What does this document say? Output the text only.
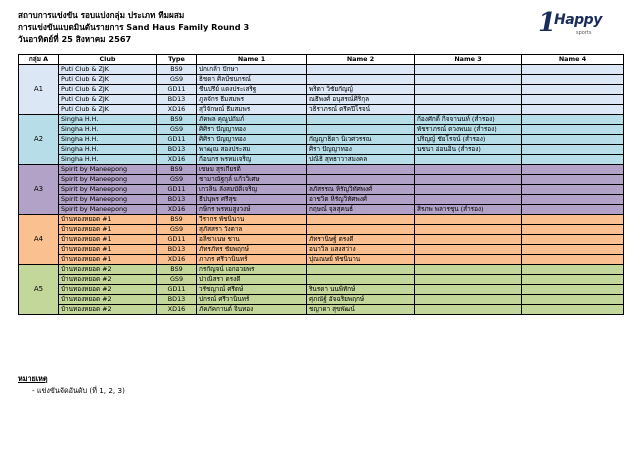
สถาบการแข่งขัน รอบแบ่งกลุ่ม ประเภท ทีมผสม
การแข่งขันแบดมินตันรายการ Sand Haus Family Round 3
วันอาทิตย์ที่ 25 สิงหาคม 2567
1
Happy
sports
กลุ่ม A	Club	Type	Name 1	Name 2	Name 3	Name 4
A1	Puti Club & ZJK	BS9	ปกเกล้า ปักษา			
	Puti Club & ZJK	GS9	ธิชดา ศิลป์ชนกรณ์			
	Puti Club & ZJK	GD11	ชื่นปรีย์ แดงประเสริฐ	พริตา วิชัยกัญญ์		
	Puti Club & ZJK	BD13	ภูลจักร ธีมสมพร	ณธีพงศ์ อนุสรณ์ศิริกุล		
	Puti Club & ZJK	XD16	สุวิจักษณ์ ธีมสมพร	วธิราภรณ์ ตรีคปีโรจน์		
A2	Singha H.H.	BS9	ภัคพล คุณูปถัมภ์		ก้องศักดิ์ กิจจานนท์ (สำรอง)	
	Singha H.H.	GS9	ศิศิรา ปัญญาทอง		พัชราภรณ์ ดวงพนม (สำรอง)	
	Singha H.H.	GD11	ศิศิรา ปัญญาทอง	กัญญาธิดา นิเวศวรรณ	ปริญญ์ ชัยโรจน์ (สำรอง)	
	Singha H.H.	BD13	พาฒุณ สองประสม	ศิรา ปัญญาทอง	นชนา อ่อนอิน (สำรอง)	
	Singha H.H.	XD16	ก้อนกร พรหมเจริญ	ปณิธิ สุทธาวาสมงคล		
A3	Spirit by Maneepong	BS9	เขษม สุรเกียรติ			
	Spirit by Maneepong	GS9	ชามาณัฐกุล์ แก้ววิเศษ			
	Spirit by Maneepong	GD11	เกวลิน ลังสมบัติเจริญ	ลภัสรรณ หิรัญวิทัศพงศ์		
	Spirit by Maneepong	BD13	ธีปนุพร ศรีสุข	อาชวิต หิรัญวิทัศพงศ์		
	Spirit by Maneepong	XD16	กษิกร พรหมสูงวงษ์	กฤษณ์ จุลสุคนธ์	สิรภพ พลารชุน (สำรอง)	
A4	บ้านทองหยอด #1	BS9	วีรากร พัชนินาน			
	บ้านทองหยอด #1	GS9	สุภัสสรา วังตาล			
	บ้านทองหยอด #1	GD11	อลิชาเนษ ชาน	ภัทรานิษฐ์ ตรงดี		
	บ้านทองหยอด #1	BD13	ภัทรภัทร ชัยพฤกษ์	อนาวิล แสงสว่าง		
	บ้านทองหยอด #1	XD16	ภาภร ศรีวานินทร์	ปุณณษย์ พัชนินาน		
A5	บ้านทองหยอด #2	BS9	กรกัญจน์ เอกอวยพร			
	บ้านทองหยอด #2	GS9	ปาณิสรา ตรงดี			
	บ้านทองหยอด #2	GD11	วรัชญาณ์ ศรีดษ์	รินรดา นนพิทักษ์		
	บ้านทองหยอด #2	BD13	ปกรณ์ ศรีวานินทร์	ศุภณัฐ์ อัจฉริยพฤกษ์		
	บ้านทองหยอด #2	XD16	ภัคภัคกานต์ จินทอง	ชญาดา สุขพัฒน์		
หมายเหตุ
- แข่งขันจัดอันดับ (ที่ 1, 2, 3)
